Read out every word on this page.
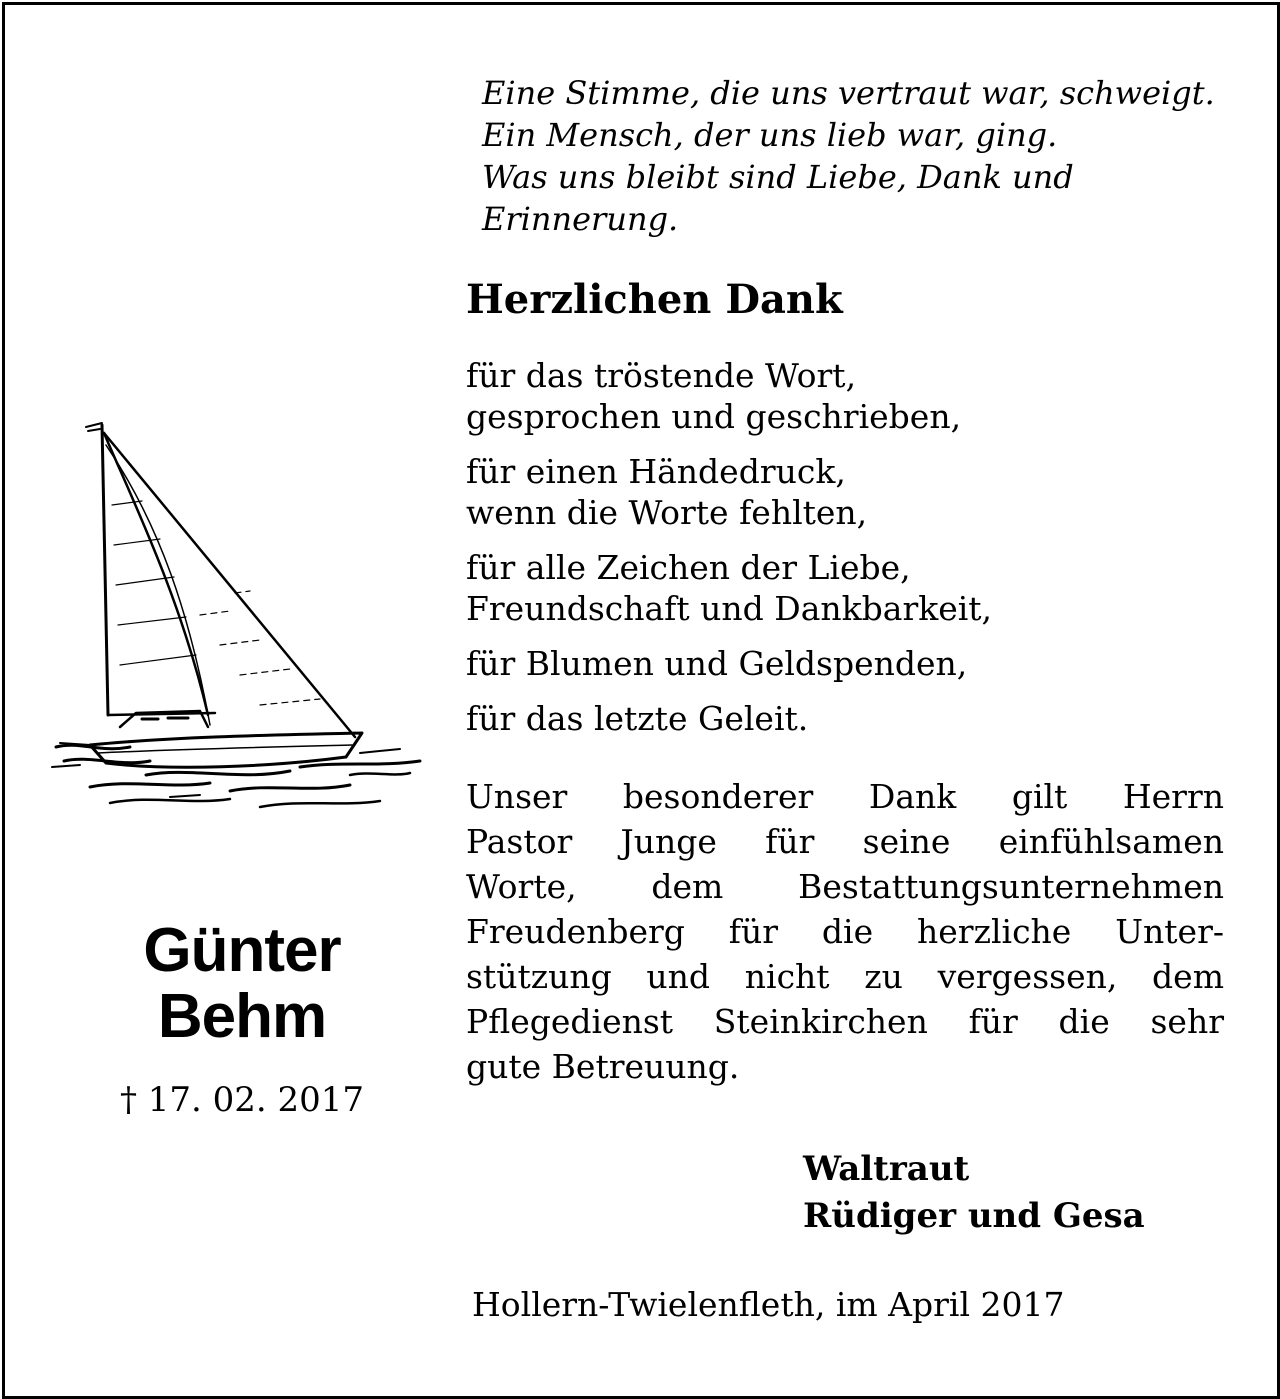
Eine Stimme, die uns vertraut war, schweigt.
Ein Mensch, der uns lieb war, ging.
Was uns bleibt sind Liebe, Dank und
Erinnerung.
Herzlichen Dank
für das tröstende Wort,
gesprochen und geschrieben,
für einen Händedruck,
wenn die Worte fehlten,
für alle Zeichen der Liebe,
Freundschaft und Dankbarkeit,
für Blumen und Geldspenden,
für das letzte Geleit.
Unser besonderer Dank gilt Herrn
Pastor Junge für seine einfühlsamen
Worte, dem Bestattungsunternehmen
Freudenberg für die herzliche Unter-
stützung und nicht zu vergessen, dem
Pflegedienst Steinkirchen für die sehr
gute Betreuung.
Waltraut
Rüdiger und Gesa
Hollern-Twielenfleth, im April 2017
Günter
Behm
† 17. 02. 2017
